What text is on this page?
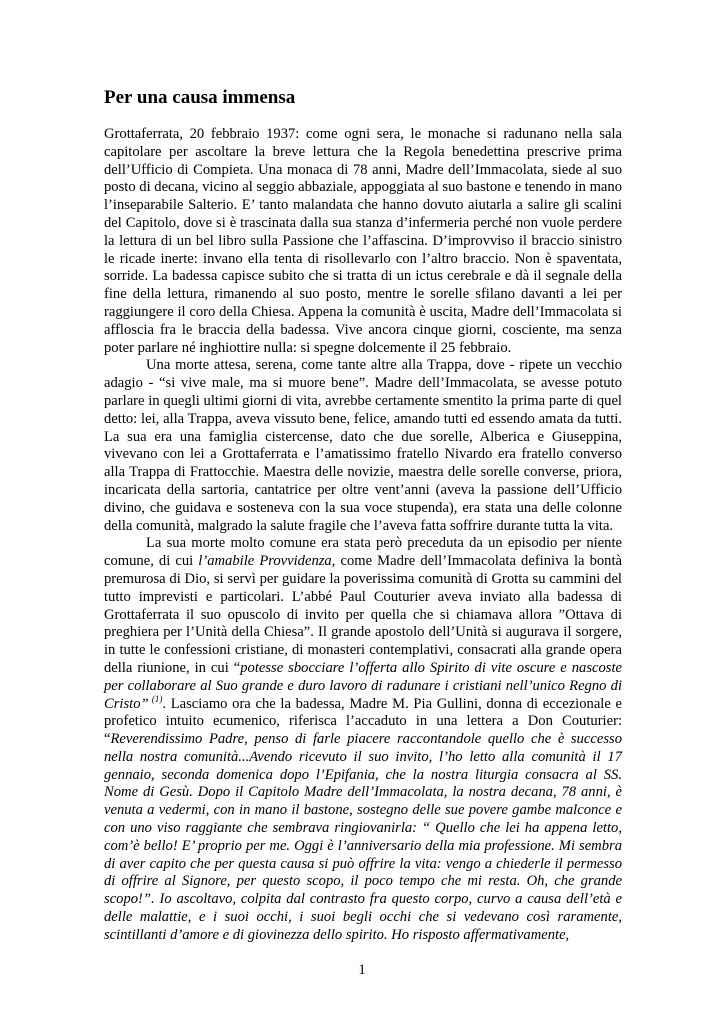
Per una causa immensa

Grottaferrata, 20 febbraio 1937: come ogni sera, le monache si radunano nella sala capitolare per ascoltare la breve lettura che la Regola benedettina prescrive prima dell’Ufficio di Compieta. Una monaca di 78 anni, Madre dell’Immacolata, siede al suo posto di decana, vicino al seggio abbaziale, appoggiata al suo bastone e tenendo in mano l’inseparabile Salterio. E’ tanto malandata che hanno dovuto aiutarla a salire gli scalini del Capitolo, dove si è trascinata dalla sua stanza d’infermeria perché non vuole perdere la lettura di un bel libro sulla Passione che l’affascina. D’improvviso il braccio sinistro le ricade inerte: invano ella tenta di risollevarlo con l’altro braccio. Non è spaventata, sorride. La badessa capisce subito che si tratta di un ictus cerebrale e dà il segnale della fine della lettura, rimanendo al suo posto, mentre le sorelle sfilano davanti a lei per raggiungere il coro della Chiesa. Appena la comunità è uscita, Madre dell’Immacolata si affloscia fra le braccia della badessa. Vive ancora cinque giorni, cosciente, ma senza poter parlare né inghiottire nulla: si spegne dolcemente il 25 febbraio.

Una morte attesa, serena, come tante altre alla Trappa, dove - ripete un vecchio adagio - “si vive male, ma si muore bene”. Madre dell’Immacolata, se avesse potuto parlare in quegli ultimi giorni di vita, avrebbe certamente smentito la prima parte di quel detto: lei, alla Trappa, aveva vissuto bene, felice, amando tutti ed essendo amata da tutti. La sua era una famiglia cistercense, dato che due sorelle, Alberica e Giuseppina, vivevano con lei a Grottaferrata e l’amatissimo fratello Nivardo era fratello converso alla Trappa di Frattocchie. Maestra delle novizie, maestra delle sorelle converse, priora, incaricata della sartoria, cantatrice per oltre vent’anni (aveva la passione dell’Ufficio divino, che guidava e sosteneva con la sua voce stupenda), era stata una delle colonne della comunità, malgrado la salute fragile che l’aveva fatta soffrire durante tutta la vita.

La sua morte molto comune era stata però preceduta da un episodio per niente comune, di cui l’amabile Provvidenza, come Madre dell’Immacolata definiva la bontà premurosa di Dio, si servì per guidare la poverissima comunità di Grotta su cammini del tutto imprevisti e particolari. L’abbé Paul Couturier aveva inviato alla badessa di Grottaferrata il suo opuscolo di invito per quella che si chiamava allora ”Ottava di preghiera per l’Unità della Chiesa”. Il grande apostolo dell’Unità si augurava il sorgere, in tutte le confessioni cristiane, di monasteri contemplativi, consacrati alla grande opera della riunione, in cui “potesse sbocciare l’offerta allo Spirito di vite oscure e nascoste per collaborare al Suo grande e duro lavoro di radunare i cristiani nell’unico Regno di Cristo” $^{(1)}$. Lasciamo ora che la badessa, Madre M. Pia Gullini, donna di eccezionale e profetico intuito ecumenico, riferisca l’accaduto in una lettera a Don Couturier: “Reverendissimo Padre, penso di farle piacere raccontandole quello che è successo nella nostra comunità...Avendo ricevuto il suo invito, l’ho letto alla comunità il 17 gennaio, seconda domenica dopo l’Epifania, che la nostra liturgia consacra al SS. Nome di Gesù. Dopo il Capitolo Madre dell’Immacolata, la nostra decana, 78 anni, è venuta a vedermi, con in mano il bastone, sostegno delle sue povere gambe malconce e con uno viso raggiante che sembrava ringiovanirla: “ Quello che lei ha appena letto, com’è bello! E’ proprio per me. Oggi è l’anniversario della mia professione. Mi sembra di aver capito che per questa causa si può offrire la vita: vengo a chiederle il permesso di offrire al Signore, per questo scopo, il poco tempo che mi resta. Oh, che grande scopo!”. Io ascoltavo, colpita dal contrasto fra questo corpo, curvo a causa dell’età e delle malattie, e i suoi occhi, i suoi begli occhi che si vedevano così raramente, scintillanti d’amore e di giovinezza dello spirito. Ho risposto affermativamente,

1
